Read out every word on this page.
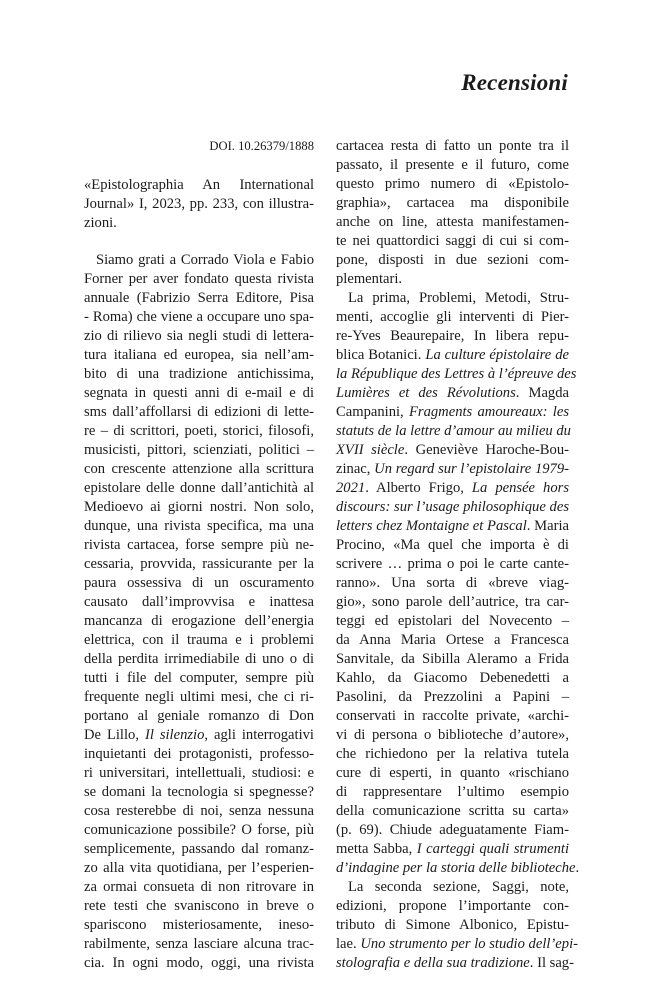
Recensioni
DOI. 10.26379/1888
«Epistolographia An International
Journal» I, 2023, pp. 233, con illustra-
zioni.

Siamo grati a Corrado Viola e Fabio
Forner per aver fondato questa rivista
annuale (Fabrizio Serra Editore, Pisa
- Roma) che viene a occupare uno spa-
zio di rilievo sia negli studi di lettera-
tura italiana ed europea, sia nell’am-
bito di una tradizione antichissima,
segnata in questi anni di e-mail e di
sms dall’affollarsi di edizioni di lette-
re – di scrittori, poeti, storici, filosofi,
musicisti, pittori, scienziati, politici –
con crescente attenzione alla scrittura
epistolare delle donne dall’antichità al
Medioevo ai giorni nostri. Non solo,
dunque, una rivista specifica, ma una
rivista cartacea, forse sempre più ne-
cessaria, provvida, rassicurante per la
paura ossessiva di un oscuramento
causato dall’improvvisa e inattesa
mancanza di erogazione dell’energia
elettrica, con il trauma e i problemi
della perdita irrimediabile di uno o di
tutti i file del computer, sempre più
frequente negli ultimi mesi, che ci ri-
portano al geniale romanzo di Don
De Lillo, Il silenzio, agli interrogativi
inquietanti dei protagonisti, professo-
ri universitari, intellettuali, studiosi: e
se domani la tecnologia si spegnesse?
cosa resterebbe di noi, senza nessuna
comunicazione possibile? O forse, più
semplicemente, passando dal romanz-
zo alla vita quotidiana, per l’esperien-
za ormai consueta di non ritrovare in
rete testi che svaniscono in breve o
spariscono misteriosamente, ineso-
rabilmente, senza lasciare alcuna trac-
cia. In ogni modo, oggi, una rivista

cartacea resta di fatto un ponte tra il
passato, il presente e il futuro, come
questo primo numero di «Epistolo-
graphia», cartacea ma disponibile
anche on line, attesta manifestamen-
te nei quattordici saggi di cui si com-
pone, disposti in due sezioni com-
plementari.

La prima, Problemi, Metodi, Stru-
menti, accoglie gli interventi di Pier-
re-Yves Beaurepaire, In libera repu-
blica Botanici. La culture épistolaire de
la République des Lettres à l’épreuve des
Lumières et des Révolutions. Magda
Campanini, Fragments amoureaux: les
statuts de la lettre d’amour au milieu du
XVII siècle. Geneviève Haroche-Bou-
zinac, Un regard sur l’epistolaire 1979-
2021. Alberto Frigo, La pensée hors
discours: sur l’usage philosophique des
letters chez Montaigne et Pascal. Maria
Procino, «Ma quel che importa è di
scrivere … prima o poi le carte cante-
ranno». Una sorta di «breve viag-
gio», sono parole dell’autrice, tra car-
teggi ed epistolari del Novecento –
da Anna Maria Ortese a Francesca
Sanvitale, da Sibilla Aleramo a Frida
Kahlo, da Giacomo Debenedetti a
Pasolini, da Prezzolini a Papini –
conservati in raccolte private, «archi-
vi di persona o biblioteche d’autore»,
che richiedono per la relativa tutela
cure di esperti, in quanto «rischiano
di rappresentare l’ultimo esempio
della comunicazione scritta su carta»
(p. 69). Chiude adeguatamente Fiam-
metta Sabba, I carteggi quali strumenti
d’indagine per la storia delle biblioteche.

La seconda sezione, Saggi, note,
edizioni, propone l’importante con-
tributo di Simone Albonico, Epistu-
lae. Uno strumento per lo studio dell’epi-
stolografia e della sua tradizione. Il sag-
